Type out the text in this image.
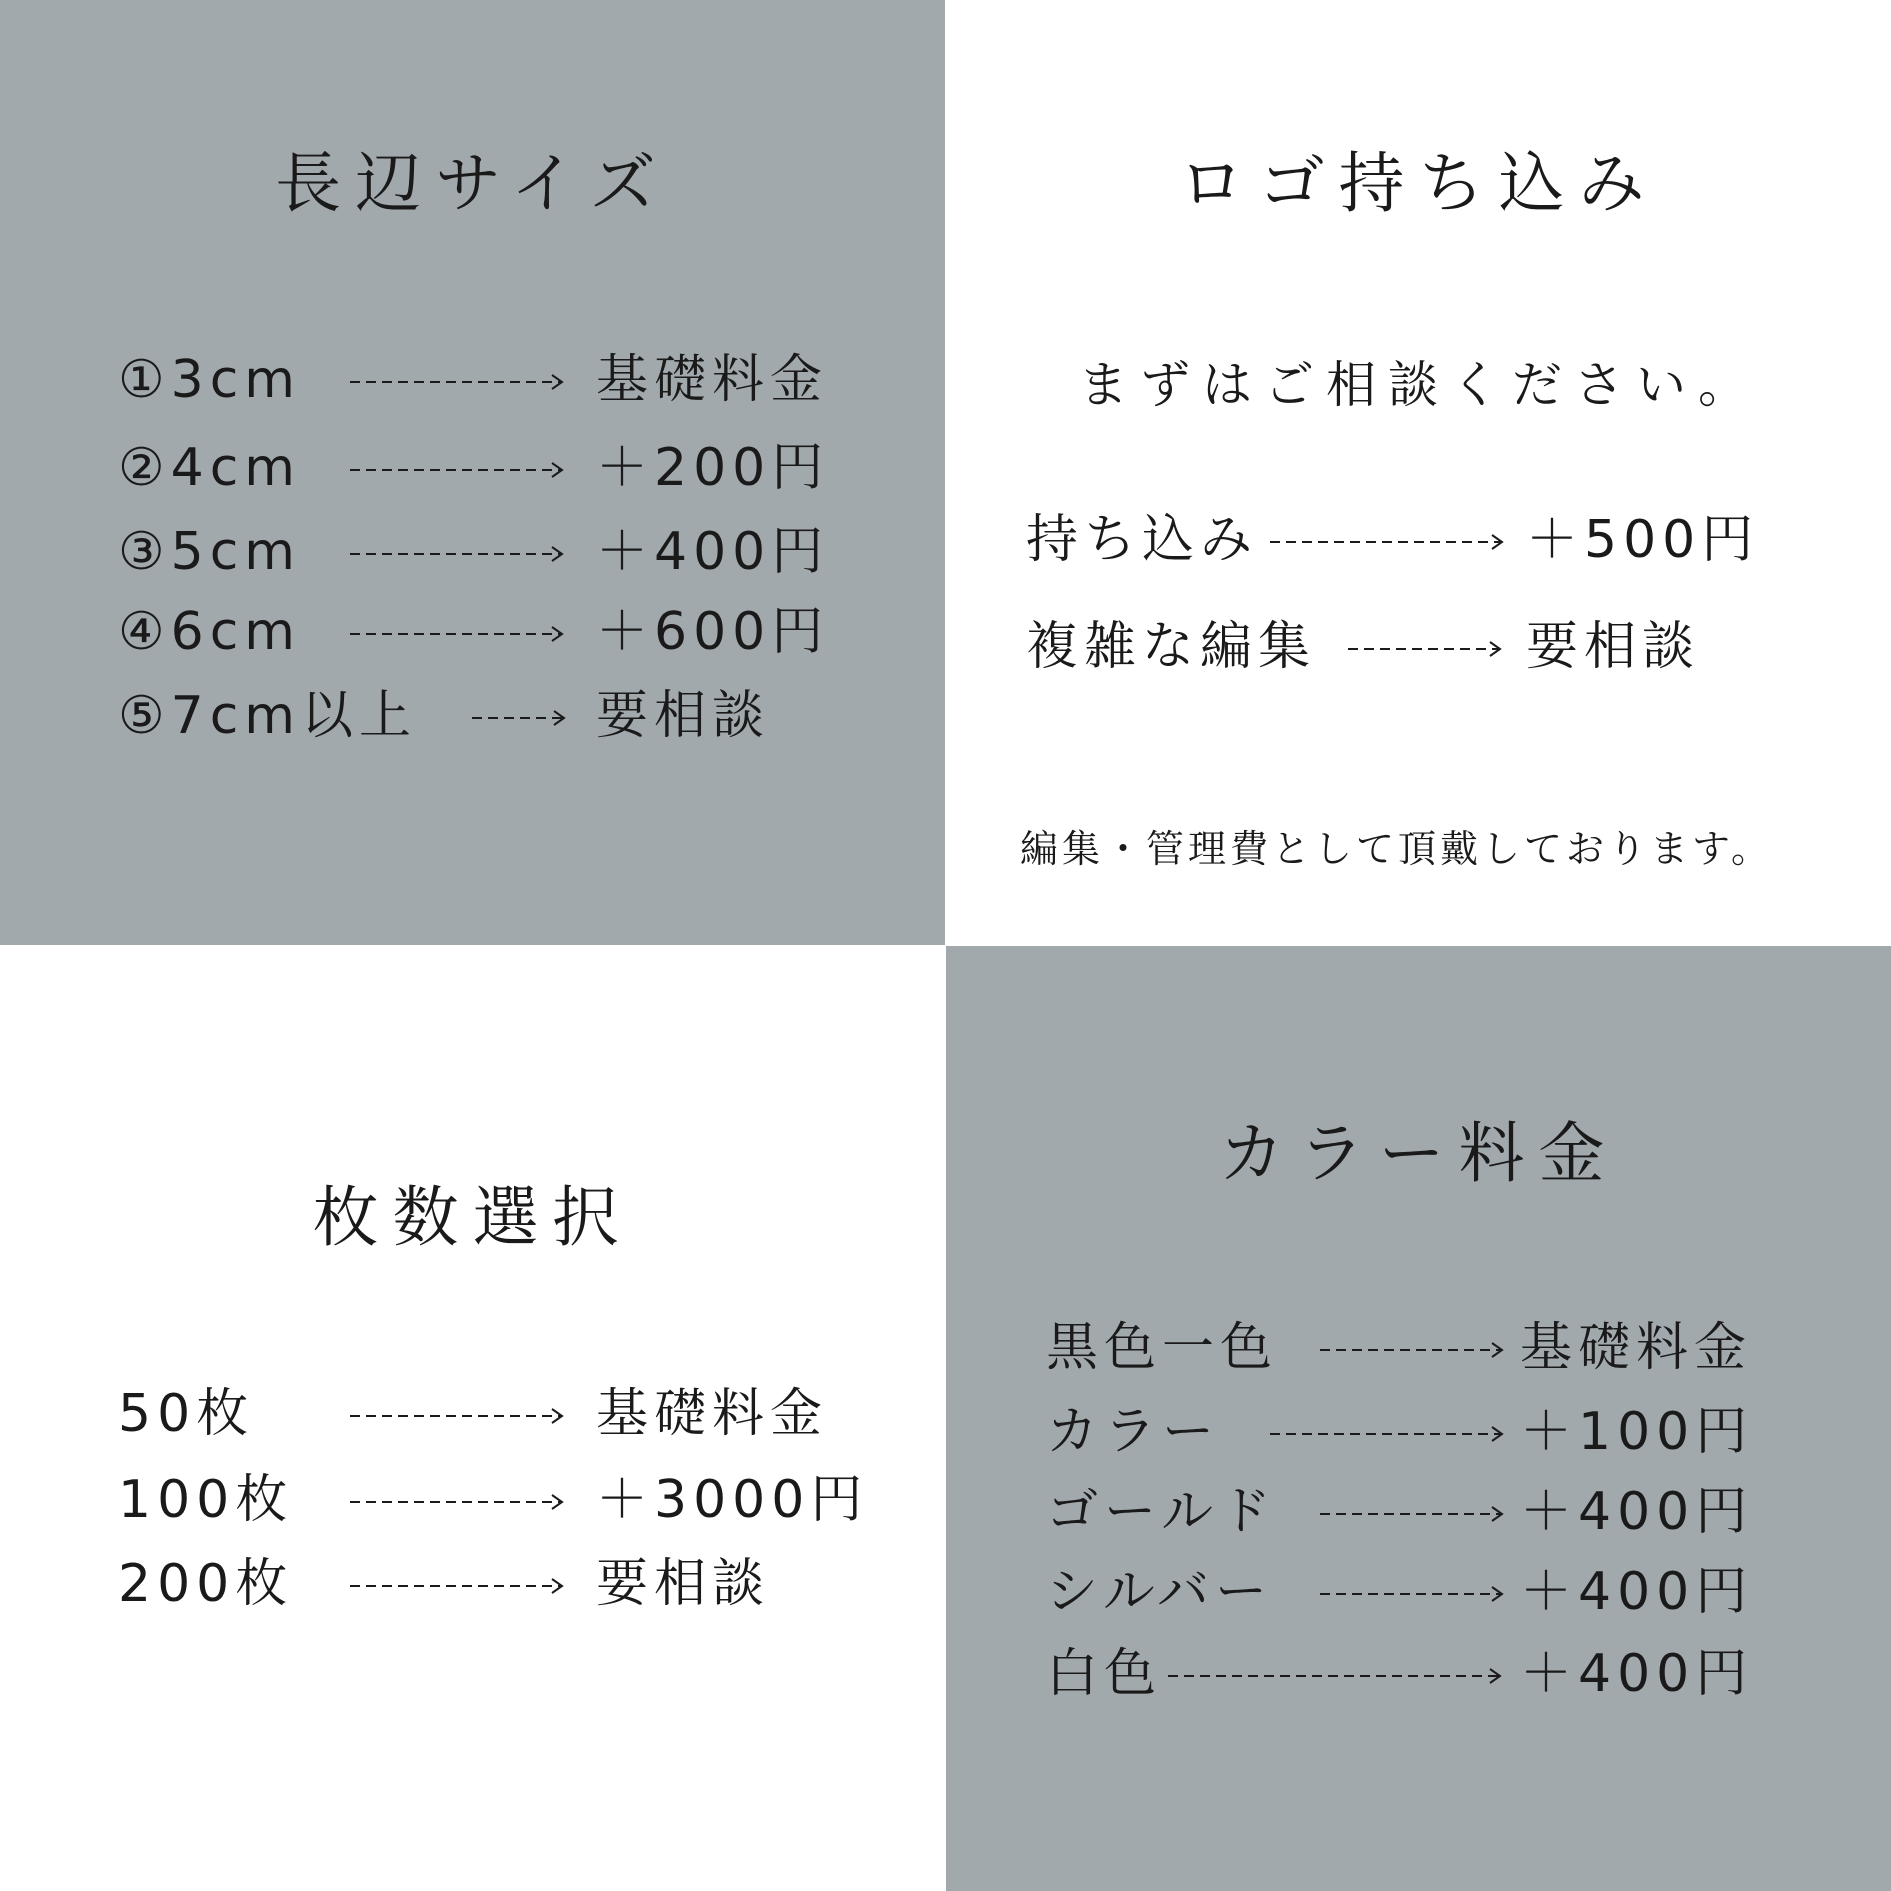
長辺サイズ
①3cm	基礎料金
②4cm	＋200円
③5cm	＋400円
④6cm	＋600円
⑤7cm以上	要相談
ロゴ持ち込み
まずはご相談ください。
持ち込み	＋500円
複雑な編集	要相談
編集・管理費として頂戴しております。
枚数選択
50枚	基礎料金
100枚	＋3000円
200枚	要相談
カラー料金
黒色一色	基礎料金
カラー	＋100円
ゴールド	＋400円
シルバー	＋400円
白色	＋400円
